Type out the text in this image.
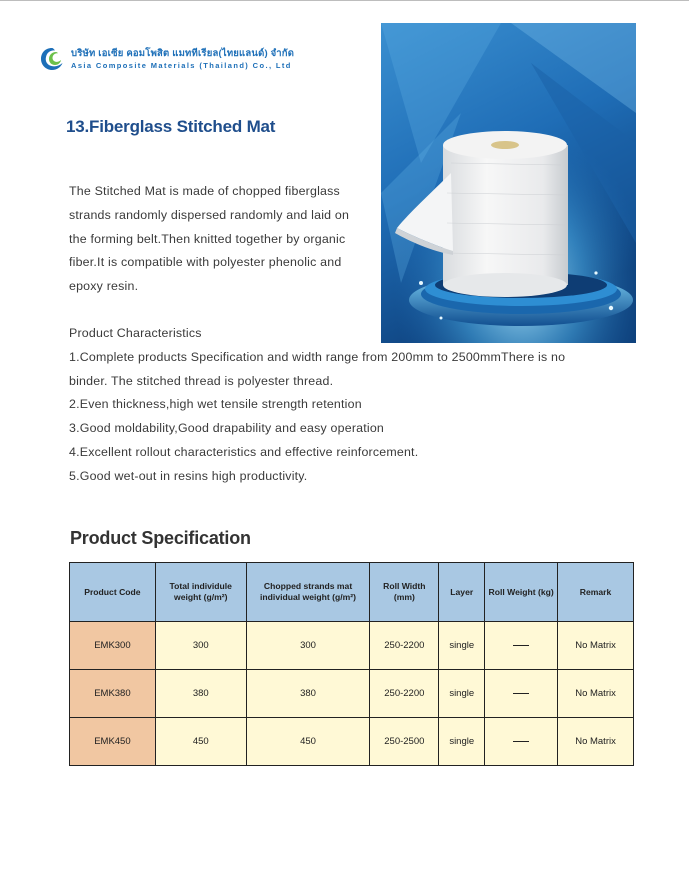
บริษัท เอเซีย คอมโพสิต แมททีเรียล(ไทยแลนด์) จำกัด
Asia Composite Materials (Thailand) Co., Ltd
13.Fiberglass Stitched Mat
The Stitched Mat is made of chopped fiberglass
strands randomly dispersed randomly and laid on
the forming belt.Then knitted together by organic
fiber.It is compatible with polyester phenolic and
epoxy resin.
Product Characteristics
1.Complete products Specification and width range from 200mm to 2500mmThere is no
binder. The stitched thread is polyester thread.
2.Even thickness,high wet tensile strength retention
3.Good moldability,Good drapability and easy operation
4.Excellent rollout characteristics and effective reinforcement.
5.Good wet-out in resins high productivity.
Product Specification
Product Code	Total individule weight (g/m²)	Chopped strands mat individual weight (g/m²)	Roll Width (mm)	Layer	Roll Weight (kg)	Remark
EMK300	300	300	250-2200	single		No Matrix
EMK380	380	380	250-2200	single		No Matrix
EMK450	450	450	250-2500	single		No Matrix
